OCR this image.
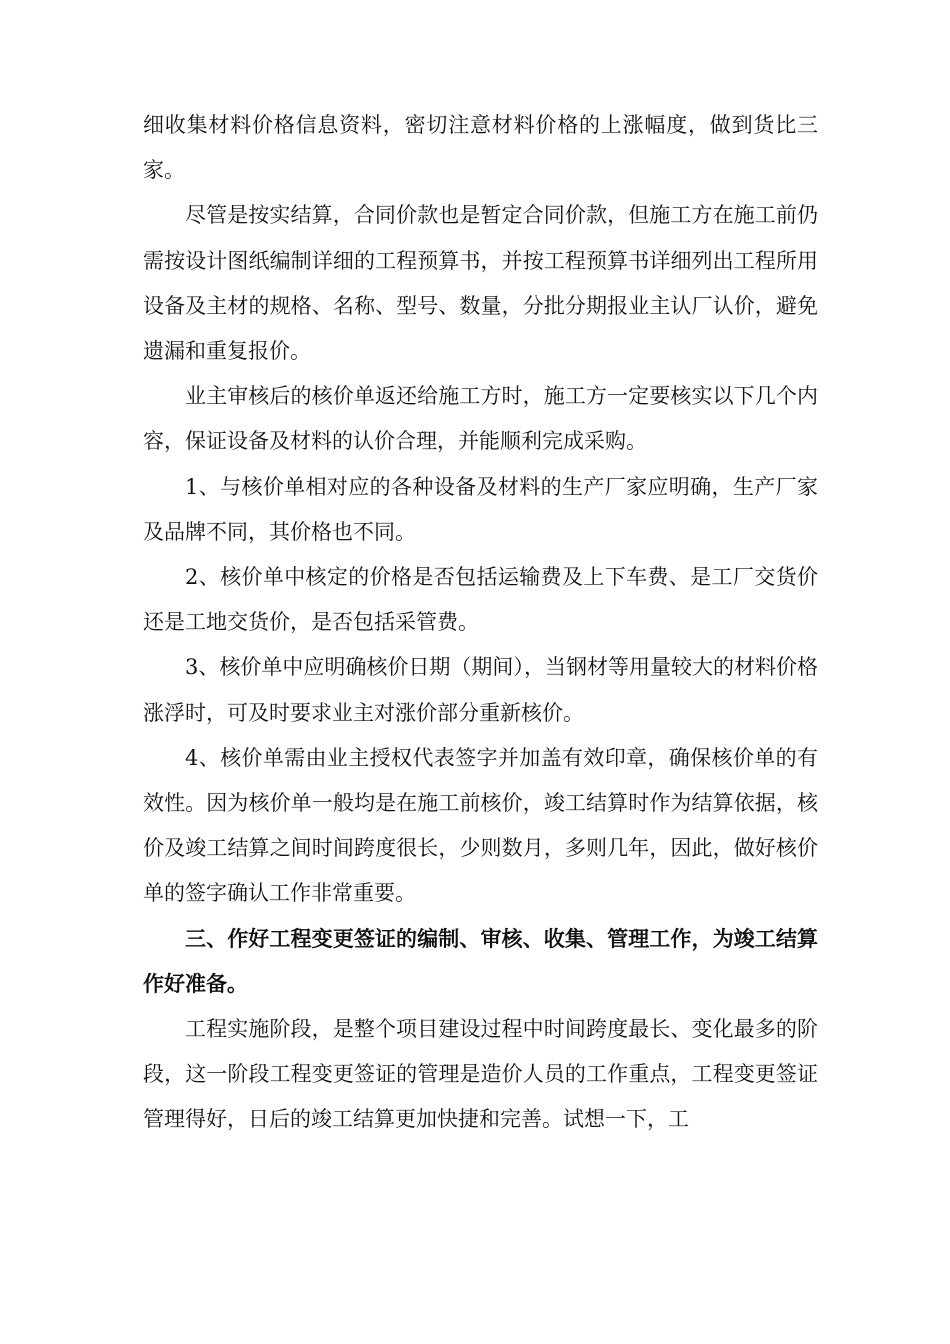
细收集材料价格信息资料，密切注意材料价格的上涨幅度，做到货比三家。

尽管是按实结算，合同价款也是暂定合同价款，但施工方在施工前仍需按设计图纸编制详细的工程预算书，并按工程预算书详细列出工程所用设备及主材的规格、名称、型号、数量，分批分期报业主认厂认价，避免遗漏和重复报价。

业主审核后的核价单返还给施工方时，施工方一定要核实以下几个内容，保证设备及材料的认价合理，并能顺利完成采购。

1、与核价单相对应的各种设备及材料的生产厂家应明确，生产厂家及品牌不同，其价格也不同。

2、核价单中核定的价格是否包括运输费及上下车费、是工厂交货价还是工地交货价，是否包括采管费。

3、核价单中应明确核价日期（期间），当钢材等用量较大的材料价格涨浮时，可及时要求业主对涨价部分重新核价。

4、核价单需由业主授权代表签字并加盖有效印章，确保核价单的有效性。因为核价单一般均是在施工前核价，竣工结算时作为结算依据，核价及竣工结算之间时间跨度很长，少则数月，多则几年，因此，做好核价单的签字确认工作非常重要。

三、作好工程变更签证的编制、审核、收集、管理工作，为竣工结算作好准备。

工程实施阶段，是整个项目建设过程中时间跨度最长、变化最多的阶段，这一阶段工程变更签证的管理是造价人员的工作重点，工程变更签证管理得好，日后的竣工结算更加快捷和完善。试想一下，工
